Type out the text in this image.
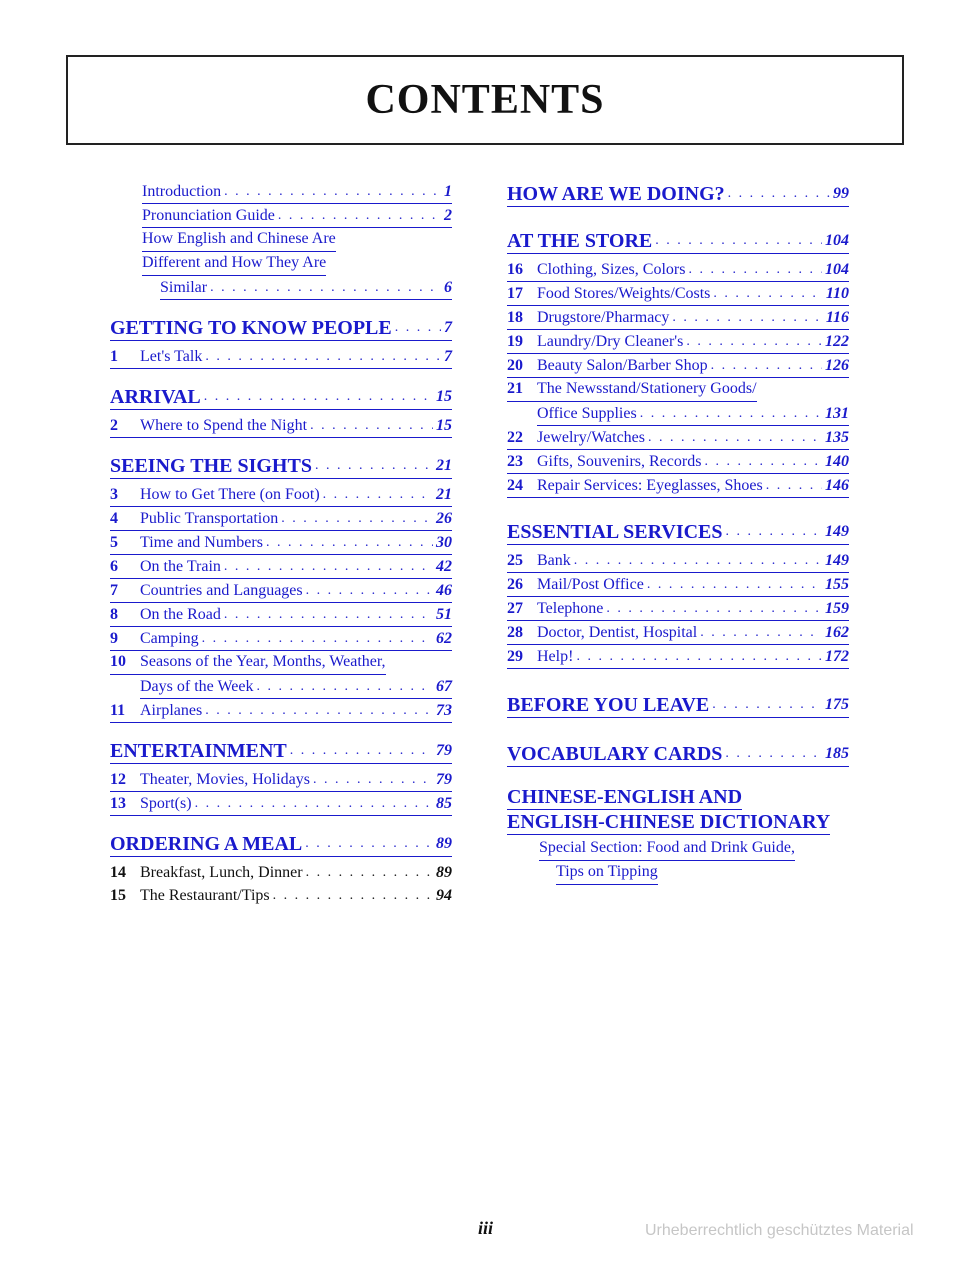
CONTENTS
Introduction . . .	1
Pronunciation Guide . . .	2
How English and Chinese Are
Different and How They Are
Similar . . .	6
GETTING TO KNOW PEOPLE . . .	7
1	Let's Talk . . .	7
ARRIVAL . . .	15
2	Where to Spend the Night . . .	15
SEEING THE SIGHTS . . .	21
3	How to Get There (on Foot) . . .	21
4	Public Transportation . . .	26
5	Time and Numbers . . .	30
6	On the Train . . .	42
7	Countries and Languages . . .	46
8	On the Road . . .	51
9	Camping . . .	62
10 Seasons of the Year, Months, Weather,
Days of the Week . . .	67
11 Airplanes . . .	73
ENTERTAINMENT . . .	79
12 Theater, Movies, Holidays . . .	79
13 Sport(s) . . .	85
ORDERING A MEAL . . .	89
14 Breakfast, Lunch, Dinner . . .	89
15 The Restaurant/Tips . . .	94
HOW ARE WE DOING? . . .	99
AT THE STORE . . .	104
16 Clothing, Sizes, Colors . . .	104
17 Food Stores/Weights/Costs . . .	110
18 Drugstore/Pharmacy . . .	116
19 Laundry/Dry Cleaner's . . .	122
20 Beauty Salon/Barber Shop . . .	126
21 The Newsstand/Stationery Goods/
Office Supplies . . .	131
22 Jewelry/Watches . . .	135
23 Gifts, Souvenirs, Records . . .	140
24 Repair Services: Eyeglasses, Shoes . . .	146
ESSENTIAL SERVICES . . .	149
25 Bank . . .	149
26 Mail/Post Office . . .	155
27 Telephone . . .	159
28 Doctor, Dentist, Hospital . . .	162
29 Help! . . .	172
BEFORE YOU LEAVE . . .	175
VOCABULARY CARDS . . .	185
CHINESE-ENGLISH AND
ENGLISH-CHINESE DICTIONARY
Special Section: Food and Drink Guide,
Tips on Tipping
iii	Urheberrechtlich geschütztes Material
